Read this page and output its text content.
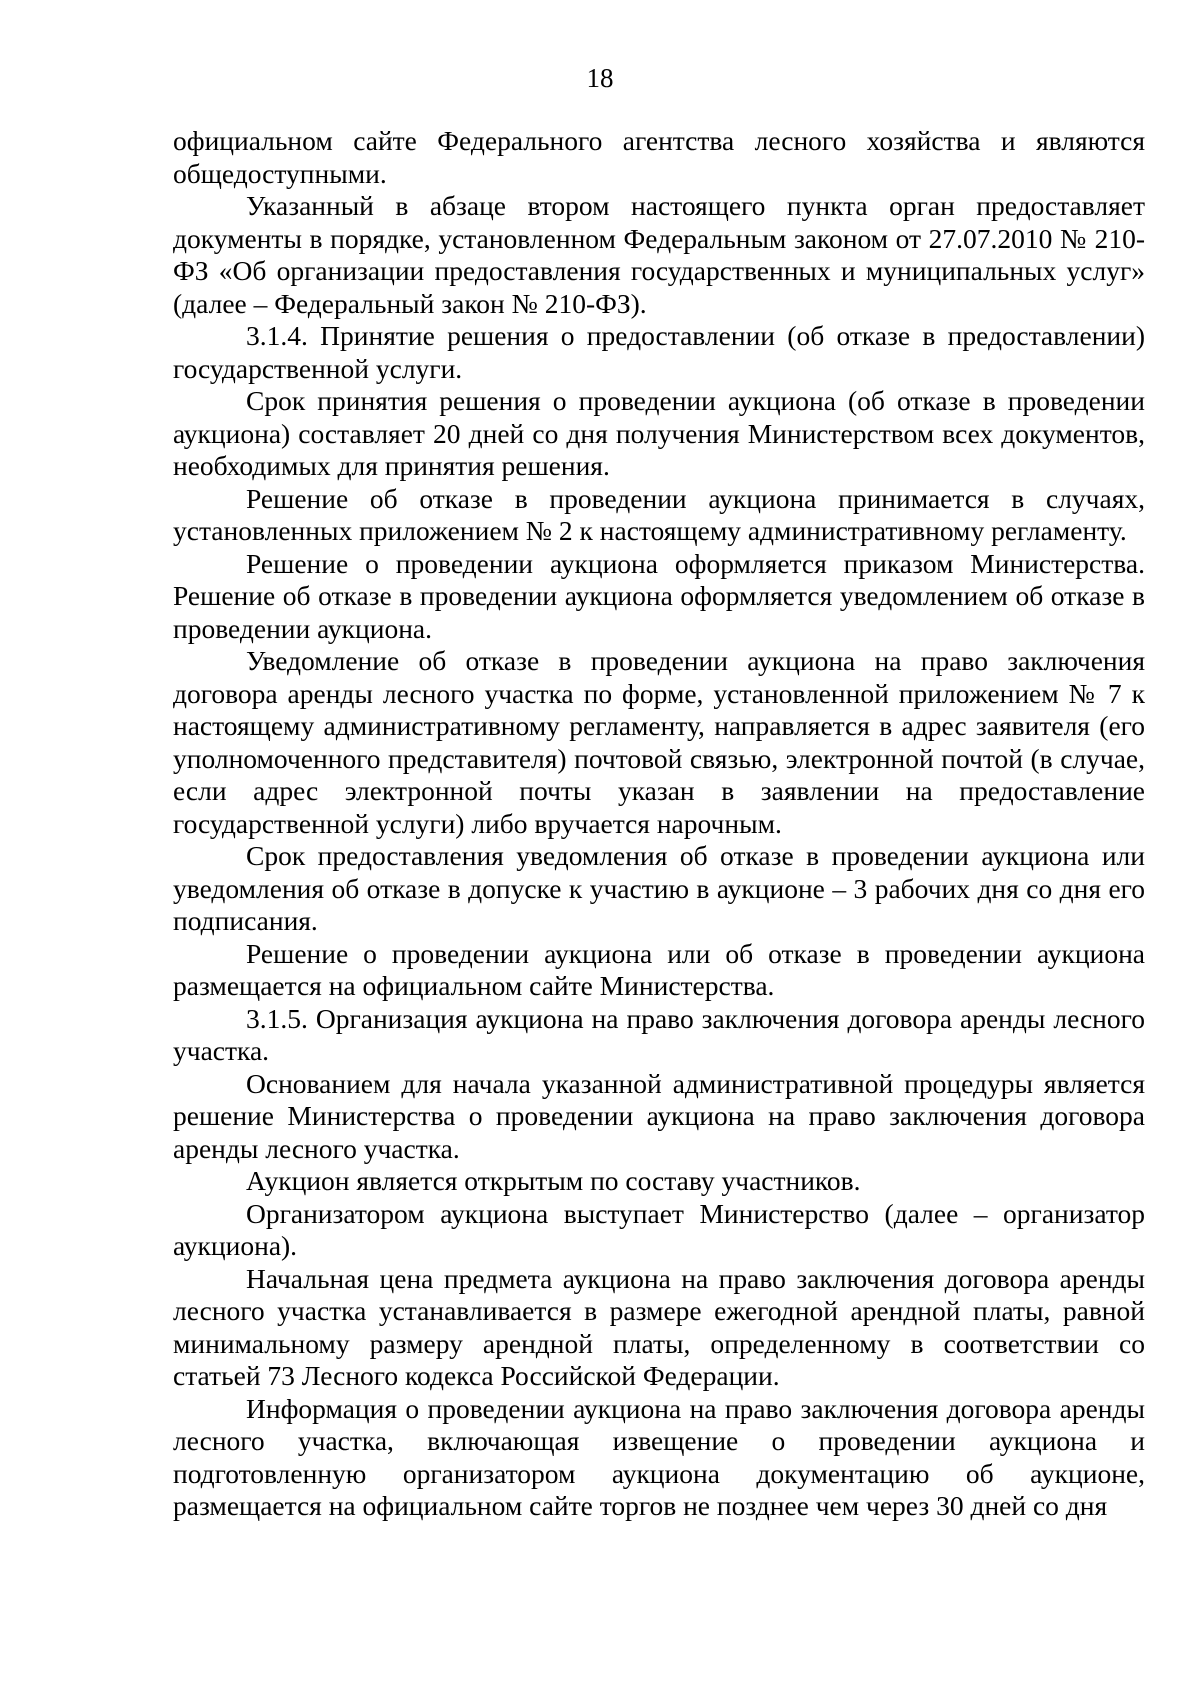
18

официальном сайте Федерального агентства лесного хозяйства и являются общедоступными.

Указанный в абзаце втором настоящего пункта орган предоставляет документы в порядке, установленном Федеральным законом от 27.07.2010 № 210-ФЗ «Об организации предоставления государственных и муниципальных услуг» (далее – Федеральный закон № 210-ФЗ).

3.1.4. Принятие решения о предоставлении (об отказе в предоставлении) государственной услуги.

Срок принятия решения о проведении аукциона (об отказе в проведении аукциона) составляет 20 дней со дня получения Министерством всех документов, необходимых для принятия решения.

Решение об отказе в проведении аукциона принимается в случаях, установленных приложением № 2 к настоящему административному регламенту.

Решение о проведении аукциона оформляется приказом Министерства. Решение об отказе в проведении аукциона оформляется уведомлением об отказе в проведении аукциона.

Уведомление об отказе в проведении аукциона на право заключения договора аренды лесного участка по форме, установленной приложением № 7 к настоящему административному регламенту, направляется в адрес заявителя (его уполномоченного представителя) почтовой связью, электронной почтой (в случае, если адрес электронной почты указан в заявлении на предоставление государственной услуги) либо вручается нарочным.

Срок предоставления уведомления об отказе в проведении аукциона или уведомления об отказе в допуске к участию в аукционе – 3 рабочих дня со дня его подписания.

Решение о проведении аукциона или об отказе в проведении аукциона размещается на официальном сайте Министерства.

3.1.5. Организация аукциона на право заключения договора аренды лесного участка.

Основанием для начала указанной административной процедуры является решение Министерства о проведении аукциона на право заключения договора аренды лесного участка.

Аукцион является открытым по составу участников.

Организатором аукциона выступает Министерство (далее – организатор аукциона).

Начальная цена предмета аукциона на право заключения договора аренды лесного участка устанавливается в размере ежегодной арендной платы, равной минимальному размеру арендной платы, определенному в соответствии со статьей 73 Лесного кодекса Российской Федерации.

Информация о проведении аукциона на право заключения договора аренды лесного участка, включающая извещение о проведении аукциона и подготовленную организатором аукциона документацию об аукционе, размещается на официальном сайте торгов не позднее чем через 30 дней со дня
